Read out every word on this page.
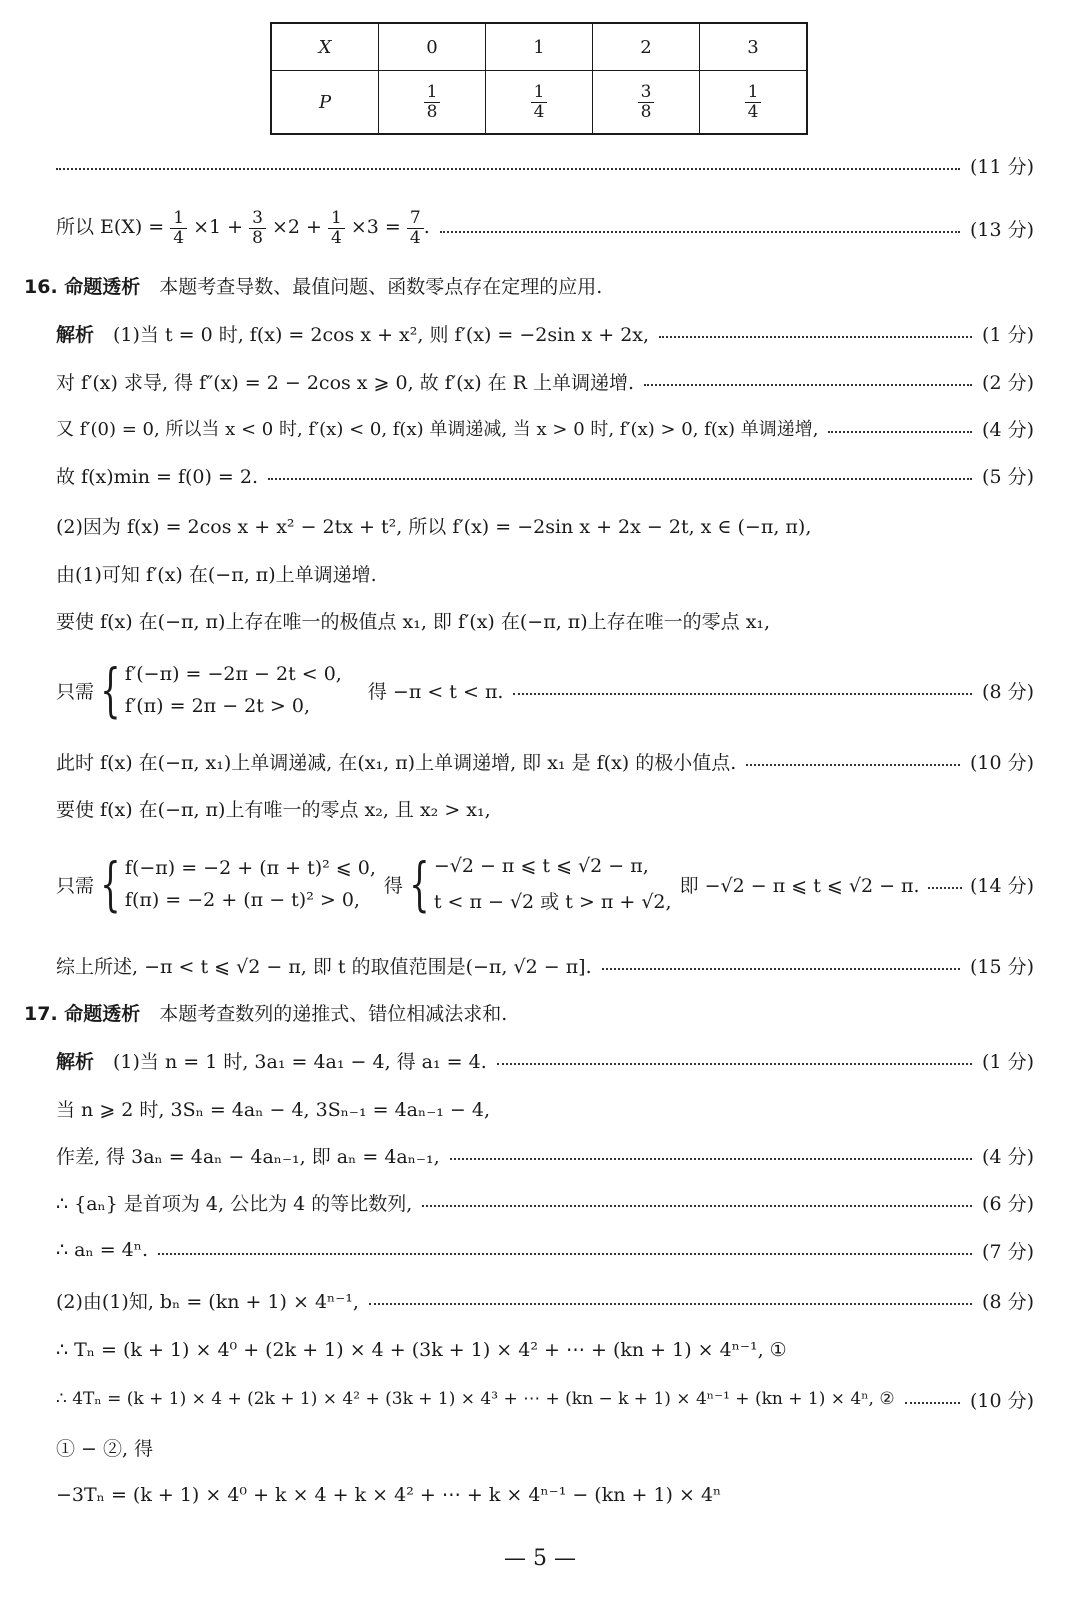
X	0	1	2	3
P	$\frac{1}{8}$	$\frac{1}{4}$	$\frac{3}{8}$	$\frac{1}{4}$
(11 分)
所以 $E(X) = \frac{1}{4} \times 1 + \frac{3}{8} \times 2 + \frac{1}{4} \times 3 = \frac{7}{4}$ .	(13 分)
16. 命题透析 　本题考查导数、最值问题、函数零点存在定理的应用.
解析 　(1)当 t = 0 时, f(x) = 2cos x + x², 则 f′(x) = −2sin x + 2x,	(1 分)
对 f′(x) 求导, 得 f″(x) = 2 − 2cos x ⩾ 0, 故 f′(x) 在 R 上单调递增.	(2 分)
又 f′(0) = 0, 所以当 x < 0 时, f′(x) < 0, f(x) 单调递减, 当 x > 0 时, f′(x) > 0, f(x) 单调递增,	(4 分)
故 f(x)min = f(0) = 2.	(5 分)
(2)因为 f(x) = 2cos x + x² − 2tx + t², 所以 f′(x) = −2sin x + 2x − 2t, x ∈ (−π, π),
由(1)可知 f′(x) 在(−π, π)上单调递增.
要使 f(x) 在(−π, π)上存在唯一的极值点 x₁, 即 f′(x) 在(−π, π)上存在唯一的零点 x₁,
只需 { f′(−π) = −2π − 2t < 0,
f′(π) = 2π − 2t > 0,
得 −π < t < π.	(8 分)
此时 f(x) 在(−π, x₁)上单调递减, 在(x₁, π)上单调递增, 即 x₁ 是 f(x) 的极小值点.	(10 分)
要使 f(x) 在(−π, π)上有唯一的零点 x₂, 且 x₂ > x₁,
只需 { f(−π) = −2 + (π + t)² ⩽ 0,
f(π) = −2 + (π − t)² > 0,
得 { −√2 − π ⩽ t ⩽ √2 − π,
t < π − √2 或 t > π + √2,
即 −√2 − π ⩽ t ⩽ √2 − π.	(14 分)
综上所述, −π < t ⩽ √2 − π, 即 t 的取值范围是(−π, √2 − π].	(15 分)
17. 命题透析 　本题考查数列的递推式、错位相减法求和.
解析 　(1)当 n = 1 时, 3a₁ = 4a₁ − 4, 得 a₁ = 4.	(1 分)
当 n ⩾ 2 时, 3Sₙ = 4aₙ − 4, 3Sₙ₋₁ = 4aₙ₋₁ − 4,
作差, 得 3aₙ = 4aₙ − 4aₙ₋₁, 即 aₙ = 4aₙ₋₁,	(4 分)
∴ {aₙ} 是首项为 4, 公比为 4 的等比数列,	(6 分)
∴ aₙ = 4ⁿ.	(7 分)
(2)由(1)知, bₙ = (kn + 1) × 4ⁿ⁻¹,	(8 分)
∴ Tₙ = (k + 1) × 4⁰ + (2k + 1) × 4 + (3k + 1) × 4² + ⋯ + (kn + 1) × 4ⁿ⁻¹, ①
∴ 4Tₙ = (k + 1) × 4 + (2k + 1) × 4² + (3k + 1) × 4³ + ⋯ + (kn − k + 1) × 4ⁿ⁻¹ + (kn + 1) × 4ⁿ, ②	(10 分)
① − ②, 得
−3Tₙ = (k + 1) × 4⁰ + k × 4 + k × 4² + ⋯ + k × 4ⁿ⁻¹ − (kn + 1) × 4ⁿ
— 5 —
